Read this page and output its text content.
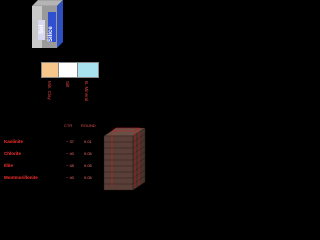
Sol Silice
Min. Clay	Silt	B. Mineral
CTR ROUND
Kaolinite	~ 37	0.01
Chlorite	~ 40	0.05
Illite	~ 45	0.05
Montmorillonite	~ 40	0.05
